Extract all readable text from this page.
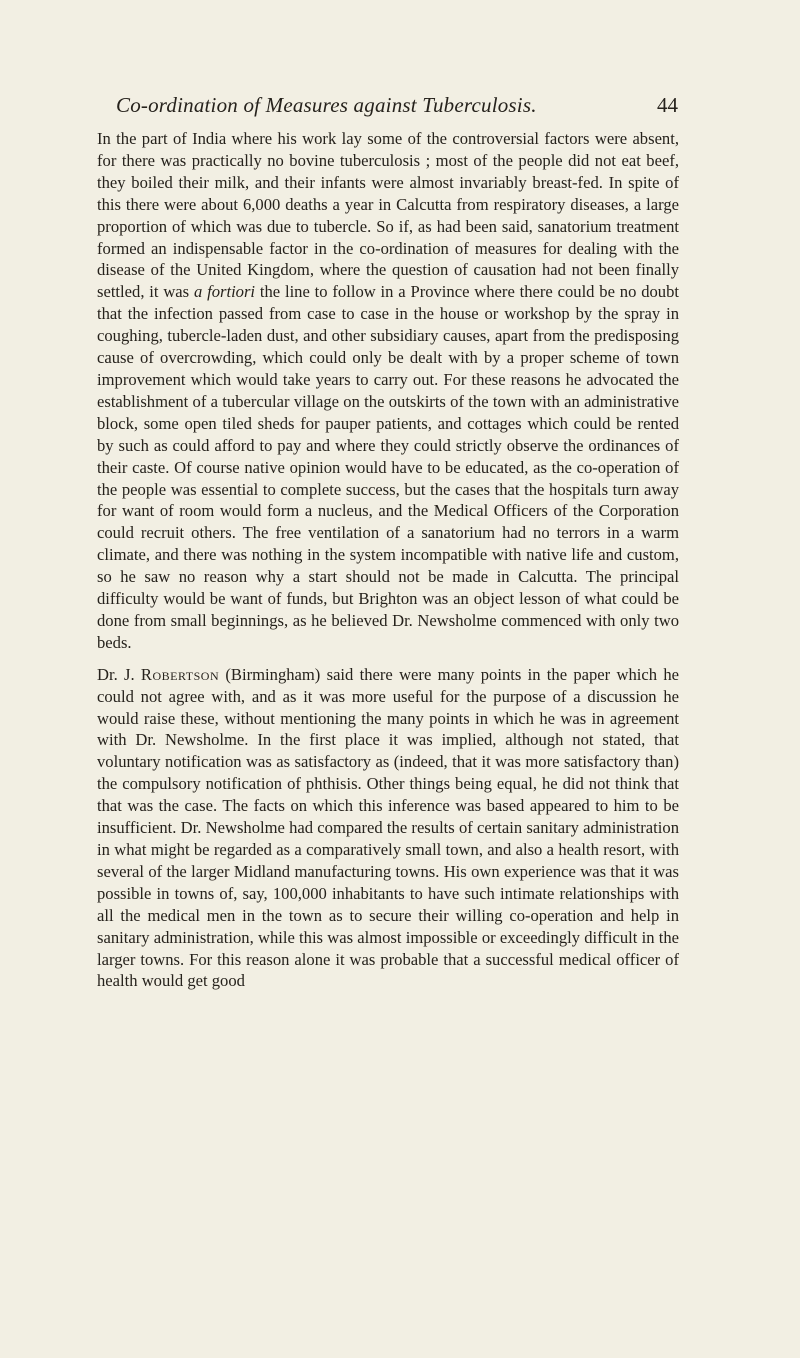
Co-ordination of Measures against Tuberculosis.	44

In the part of India where his work lay some of the controversial factors were absent, for there was practically no bovine tuberculosis ; most of the people did not eat beef, they boiled their milk, and their infants were almost invariably breast-fed. In spite of this there were about 6,000 deaths a year in Calcutta from respiratory diseases, a large proportion of which was due to tubercle. So if, as had been said, sanatorium treatment formed an indispensable factor in the co-ordination of measures for dealing with the disease of the United Kingdom, where the question of causation had not been finally settled, it was a fortiori the line to follow in a Province where there could be no doubt that the infection passed from case to case in the house or workshop by the spray in coughing, tubercle-laden dust, and other subsidiary causes, apart from the predisposing cause of overcrowding, which could only be dealt with by a proper scheme of town improvement which would take years to carry out. For these reasons he advocated the establishment of a tubercular village on the outskirts of the town with an administrative block, some open tiled sheds for pauper patients, and cottages which could be rented by such as could afford to pay and where they could strictly observe the ordinances of their caste. Of course native opinion would have to be educated, as the co-operation of the people was essential to complete success, but the cases that the hospitals turn away for want of room would form a nucleus, and the Medical Officers of the Corporation could recruit others. The free ventilation of a sanatorium had no terrors in a warm climate, and there was nothing in the system incompatible with native life and custom, so he saw no reason why a start should not be made in Calcutta. The principal difficulty would be want of funds, but Brighton was an object lesson of what could be done from small beginnings, as he believed Dr. Newsholme commenced with only two beds.

Dr. J. Robertson (Birmingham) said there were many points in the paper which he could not agree with, and as it was more useful for the purpose of a discussion he would raise these, without mentioning the many points in which he was in agreement with Dr. Newsholme. In the first place it was implied, although not stated, that voluntary notification was as satisfactory as (indeed, that it was more satisfactory than) the compulsory notification of phthisis. Other things being equal, he did not think that that was the case. The facts on which this inference was based appeared to him to be insufficient. Dr. Newsholme had compared the results of certain sanitary administration in what might be regarded as a comparatively small town, and also a health resort, with several of the larger Midland manufacturing towns. His own experience was that it was possible in towns of, say, 100,000 inhabitants to have such intimate relationships with all the medical men in the town as to secure their willing co-operation and help in sanitary administration, while this was almost impossible or exceedingly difficult in the larger towns. For this reason alone it was probable that a successful medical officer of health would get good
